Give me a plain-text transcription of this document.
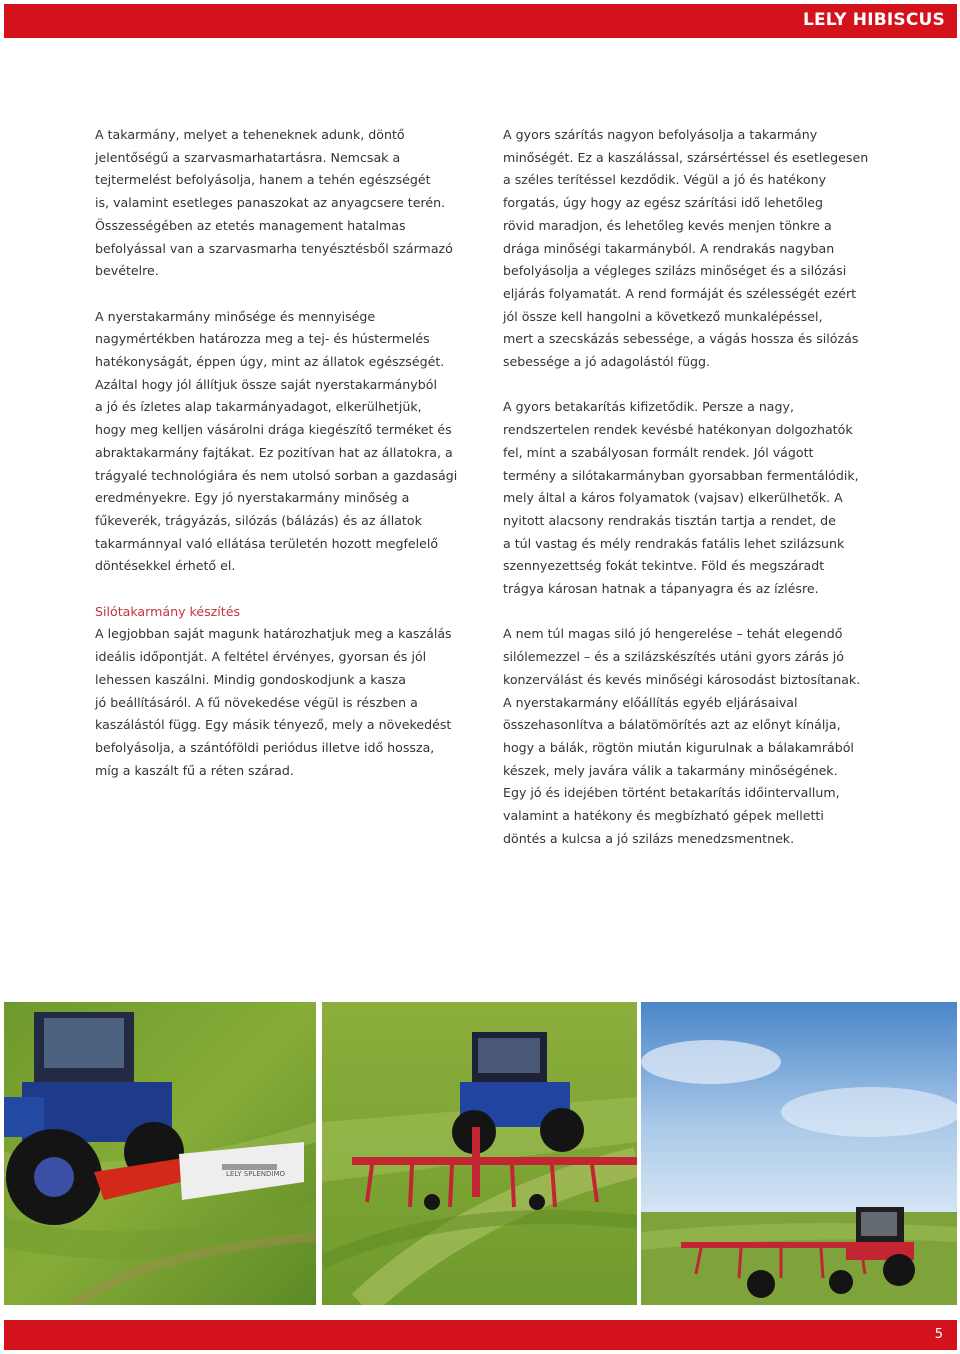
LELY HIBISCUS

A takarmány, melyet a teheneknek adunk, döntő
jelentőségű a szarvasmarhatartásra. Nemcsak a
tejtermelést befolyásolja, hanem a tehén egészségét
is, valamint esetleges panaszokat az anyagcsere terén.
Összességében az etetés management hatalmas
befolyással van a szarvasmarha tenyésztésből származó
bevételre.

A nyerstakarmány minősége és mennyisége
nagymértékben határozza meg a tej- és hústermelés
hatékonyságát, éppen úgy, mint az állatok egészségét.
Azáltal hogy jól állítjuk össze saját nyerstakarmányból
a jó és ízletes alap takarmányadagot, elkerülhetjük,
hogy meg kelljen vásárolni drága kiegészítő terméket és
abraktakarmány fajtákat. Ez pozitívan hat az állatokra, a
trágyalé technológiára és nem utolsó sorban a gazdasági
eredményekre. Egy jó nyerstakarmány minőség a
fűkeverék, trágyázás, silózás (bálázás) és az állatok
takarmánnyal való ellátása területén hozott megfelelő
döntésekkel érhető el.

Silótakarmány készítés

A legjobban saját magunk határozhatjuk meg a kaszálás
ideális időpontját. A feltétel érvényes, gyorsan és jól
lehessen kaszálni. Mindig gondoskodjunk a kasza
jó beállításáról. A fű növekedése végül is részben a
kaszálástól függ. Egy másik tényező, mely a növekedést
befolyásolja, a szántóföldi periódus illetve idő hossza,
míg a kaszált fű a réten szárad.

A gyors szárítás nagyon befolyásolja a takarmány
minőségét. Ez a kaszálással, szársértéssel és esetlegesen
a széles terítéssel kezdődik. Végül a jó és hatékony
forgatás, úgy hogy az egész szárítási idő lehetőleg
rövid maradjon, és lehetőleg kevés menjen tönkre a
drága minőségi takarmányból. A rendrakás nagyban
befolyásolja a végleges szilázs minőséget és a silózási
eljárás folyamatát. A rend formáját és szélességét ezért
jól össze kell hangolni a következő munkalépéssel,
mert a szecskázás sebessége, a vágás hossza és silózás
sebessége a jó adagolástól függ.

A gyors betakarítás kifizetődik. Persze a nagy,
rendszertelen rendek kevésbé hatékonyan dolgozhatók
fel, mint a szabályosan formált rendek. Jól vágott
termény a silótakarmányban gyorsabban fermentálódik,
mely által a káros folyamatok (vajsav) elkerülhetők. A
nyitott alacsony rendrakás tisztán tartja a rendet, de
a túl vastag és mély rendrakás fatális lehet szilázsunk
szennyezettség fokát tekintve. Föld és megszáradt
trágya károsan hatnak a tápanyagra és az ízlésre.

A nem túl magas siló jó hengerelése – tehát elegendő
silólemezzel – és a szilázskészítés utáni gyors zárás jó
konzerválást és kevés minőségi károsodást biztosítanak.
A nyerstakarmány előállítás egyéb eljárásaival
összehasonlítva a bálatömörítés azt az előnyt kínálja,
hogy a bálák, rögtön miután kigurulnak a bálakamrából
készek, mely javára válik a takarmány minőségének.
Egy jó és idejében történt betakarítás időintervallum,
valamint a hatékony és megbízható gépek melletti
döntés a kulcsa a jó szilázs menedzsmentnek.

LELY SPLENDIMO
5
